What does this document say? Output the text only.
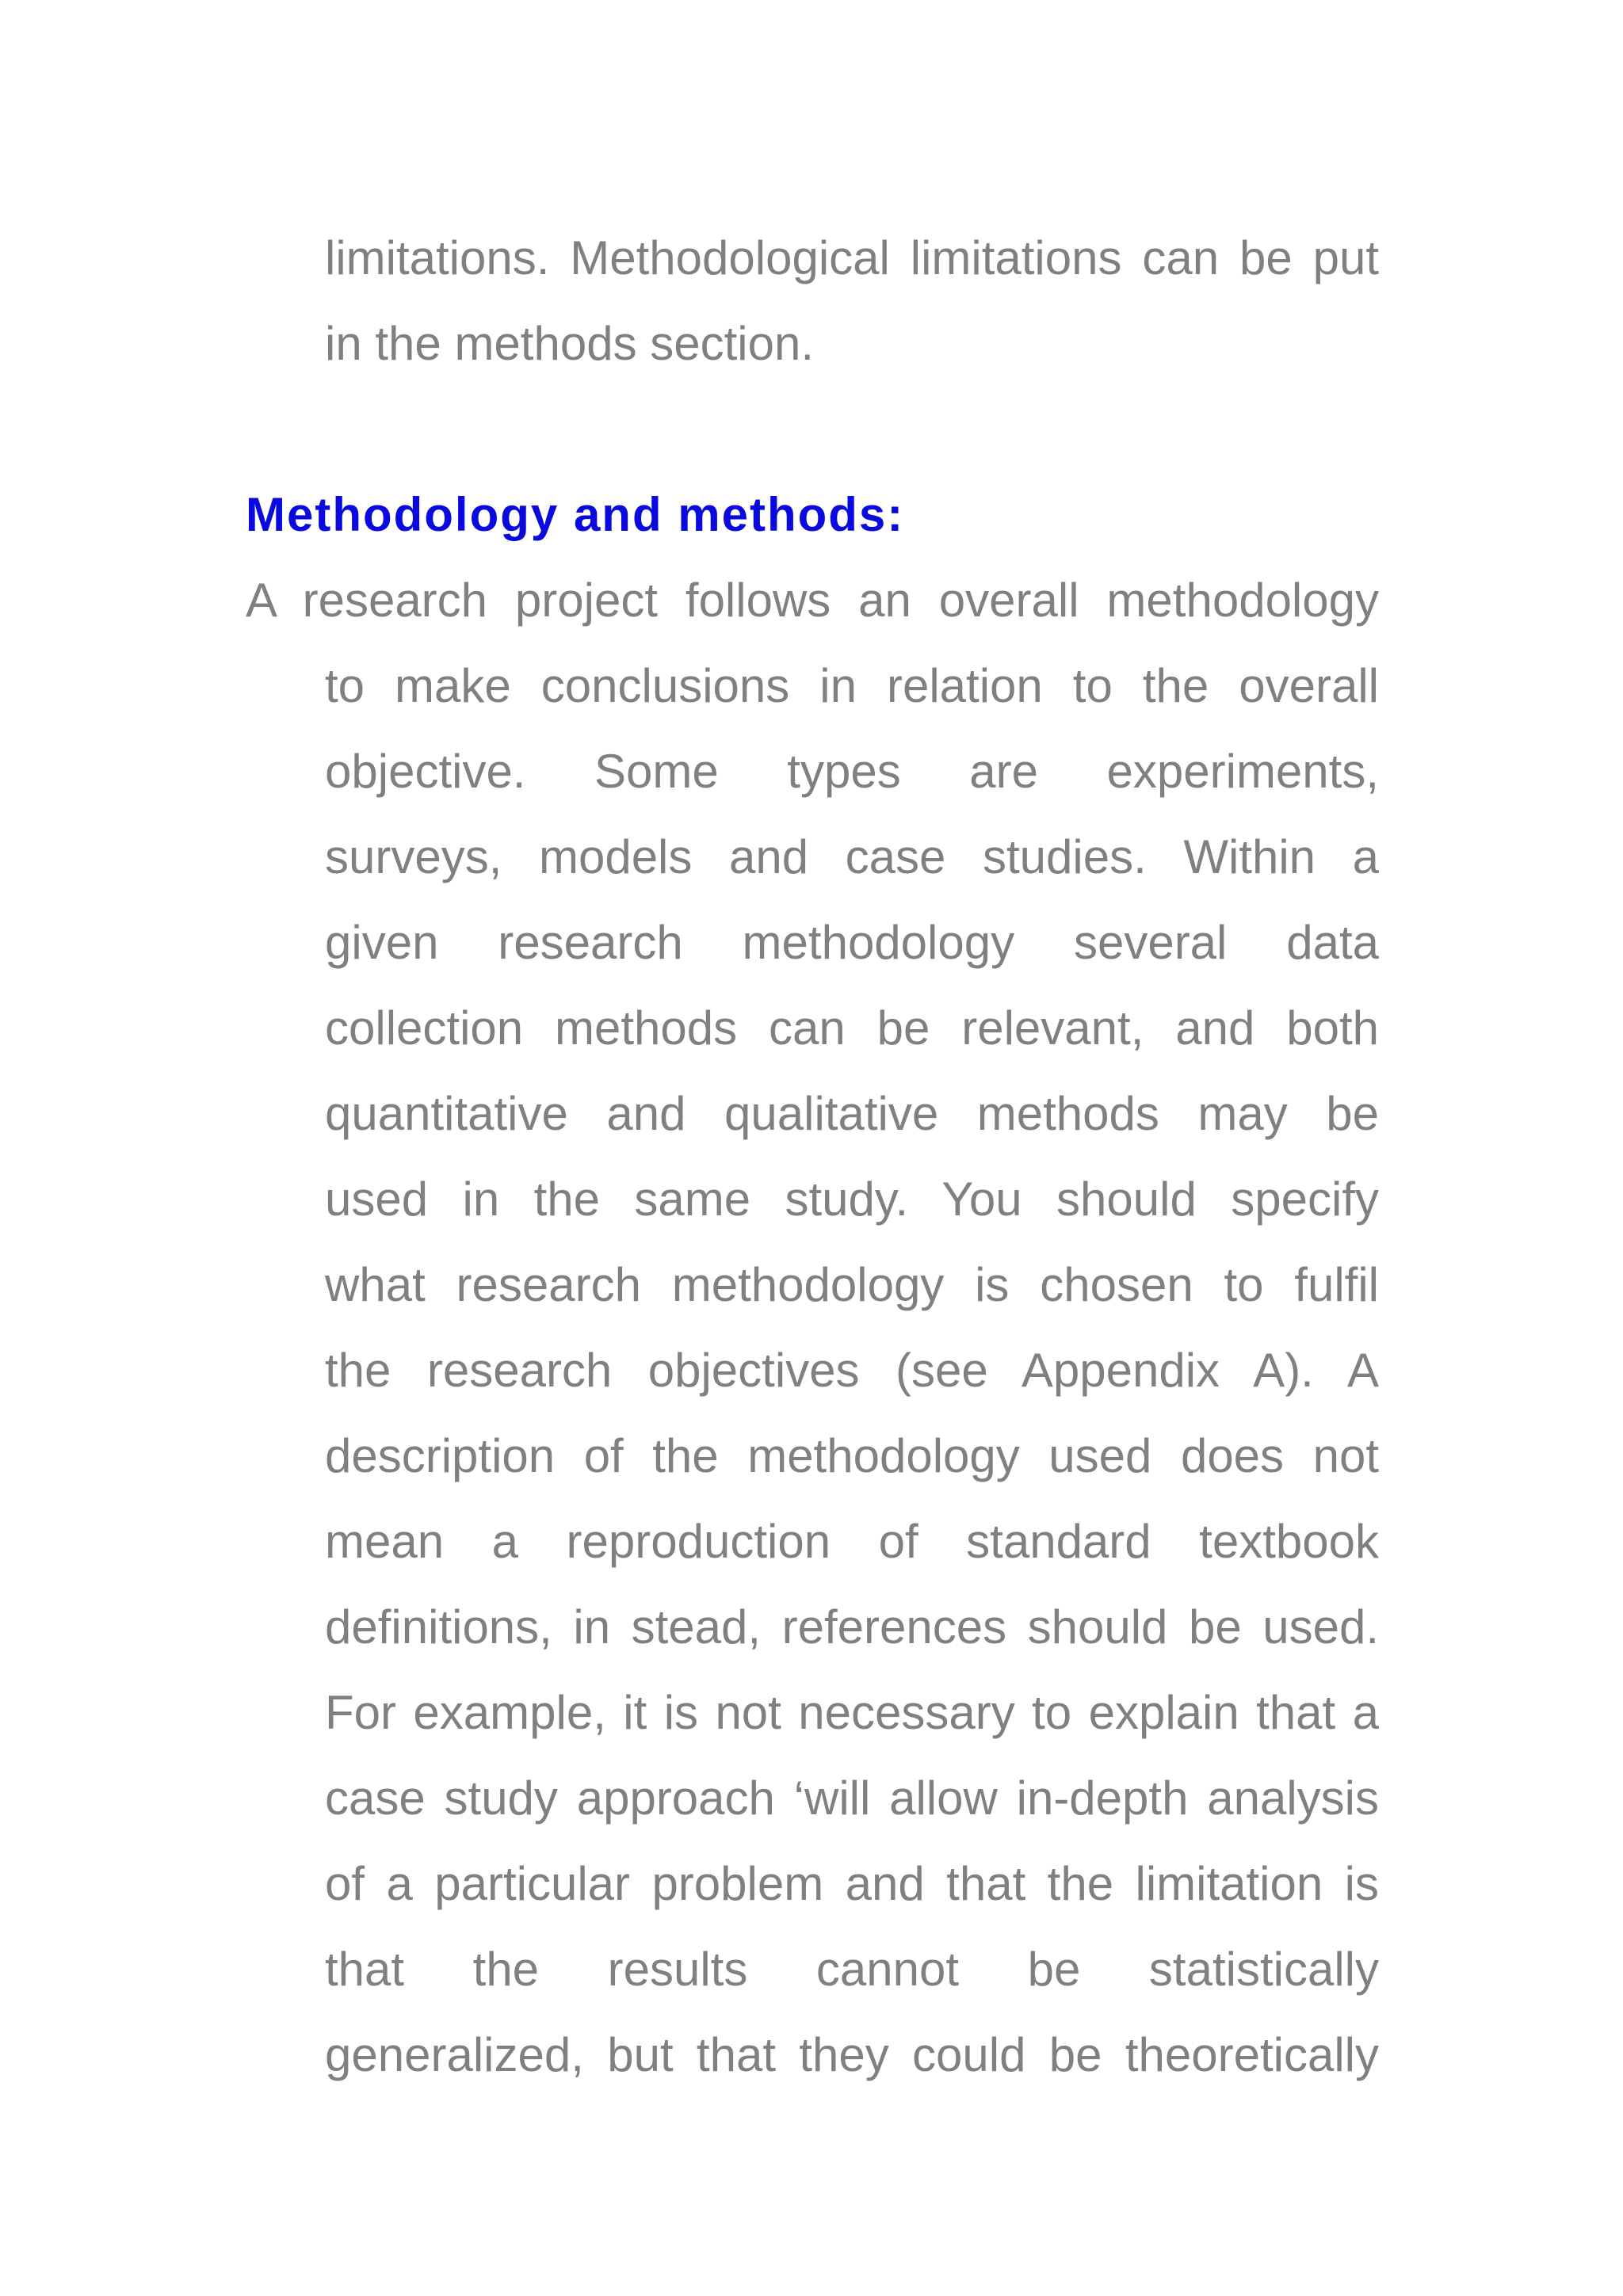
limitations. Methodological limitations can be put
in the methods section.
Methodology and methods:
A research project follows an overall methodology
to make conclusions in relation to the overall
objective. Some types are experiments,
surveys, models and case studies. Within a
given research methodology several data
collection methods can be relevant, and both
quantitative and qualitative methods may be
used in the same study. You should specify
what research methodology is chosen to fulfil
the research objectives (see Appendix A). A
description of the methodology used does not
mean a reproduction of standard textbook
definitions, in stead, references should be used.
For example, it is not necessary to explain that a
case study approach ‘will allow in-depth analysis
of a particular problem and that the limitation is
that the results cannot be statistically
generalized, but that they could be theoretically
